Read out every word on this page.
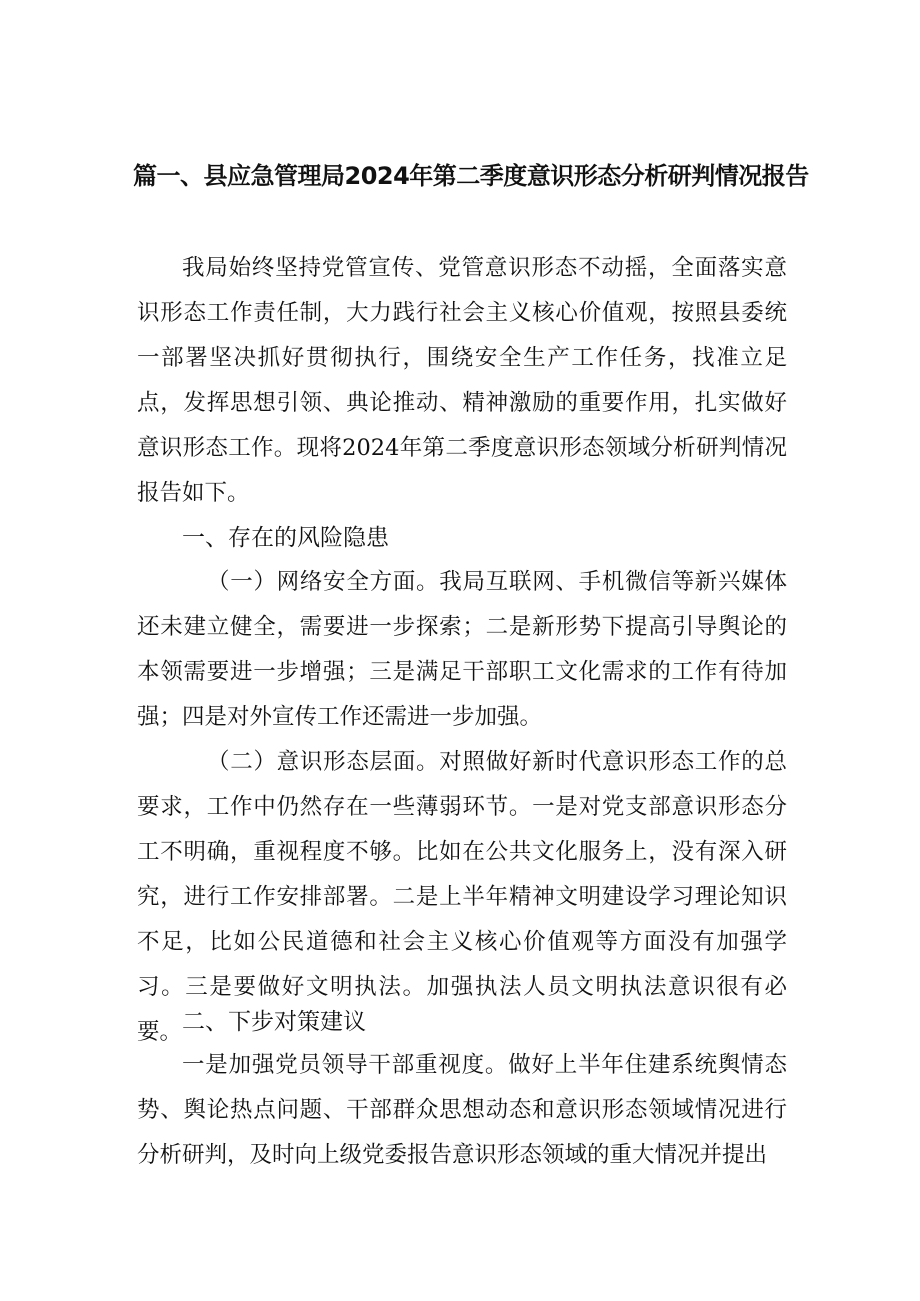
篇一、县应急管理局2024年第二季度意识形态分析研判情况报告

我局始终坚持党管宣传、党管意识形态不动摇，全面落实意识形态工作责任制，大力践行社会主义核心价值观，按照县委统一部署坚决抓好贯彻执行，围绕安全生产工作任务，找准立足点，发挥思想引领、典论推动、精神激励的重要作用，扎实做好意识形态工作。现将2024年第二季度意识形态领域分析研判情况报告如下。

一、存在的风险隐患

（一）网络安全方面。我局互联网、手机微信等新兴媒体还未建立健全，需要进一步探索；二是新形势下提高引导舆论的本领需要进一步增强；三是满足干部职工文化需求的工作有待加强；四是对外宣传工作还需进一步加强。

（二）意识形态层面。对照做好新时代意识形态工作的总要求，工作中仍然存在一些薄弱环节。一是对党支部意识形态分工不明确，重视程度不够。比如在公共文化服务上，没有深入研究，进行工作安排部署。二是上半年精神文明建设学习理论知识不足，比如公民道德和社会主义核心价值观等方面没有加强学习。三是要做好文明执法。加强执法人员文明执法意识很有必要。 二、下步对策建议

一是加强党员领导干部重视度。做好上半年住建系统舆情态势、舆论热点问题、干部群众思想动态和意识形态领域情况进行分析研判，及时向上级党委报告意识形态领域的重大情况并提出
